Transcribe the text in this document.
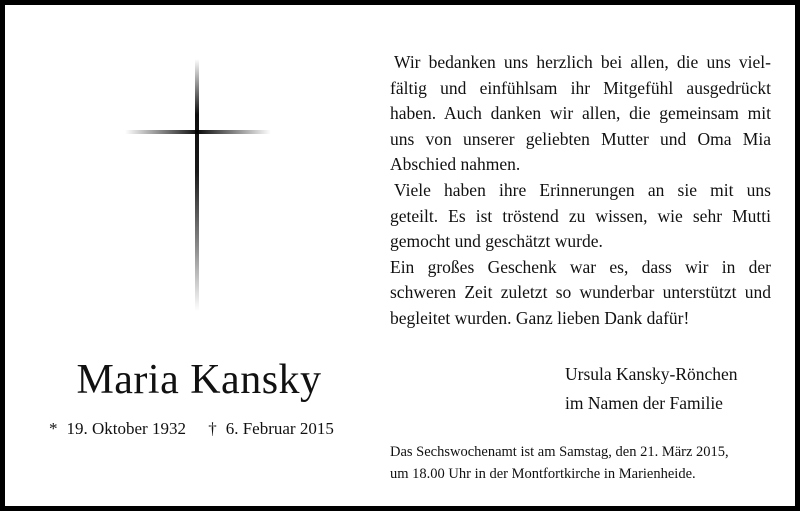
Maria Kansky
* 19. Oktober 1932 † 6. Februar 2015
Wir bedanken uns herzlich bei allen, die uns viel-
fältig und einfühlsam ihr Mitgefühl ausgedrückt
haben. Auch danken wir allen, die gemeinsam mit
uns von unserer geliebten Mutter und Oma Mia
Abschied nahmen.
Viele haben ihre Erinnerungen an sie mit uns
geteilt. Es ist tröstend zu wissen, wie sehr Mutti
gemocht und geschätzt wurde.
Ein großes Geschenk war es, dass wir in der
schweren Zeit zuletzt so wunderbar unterstützt und
begleitet wurden. Ganz lieben Dank dafür!
Ursula Kansky-Rönchen
im Namen der Familie
Das Sechswochenamt ist am Samstag, den 21. März 2015,
um 18.00 Uhr in der Montfortkirche in Marienheide.
